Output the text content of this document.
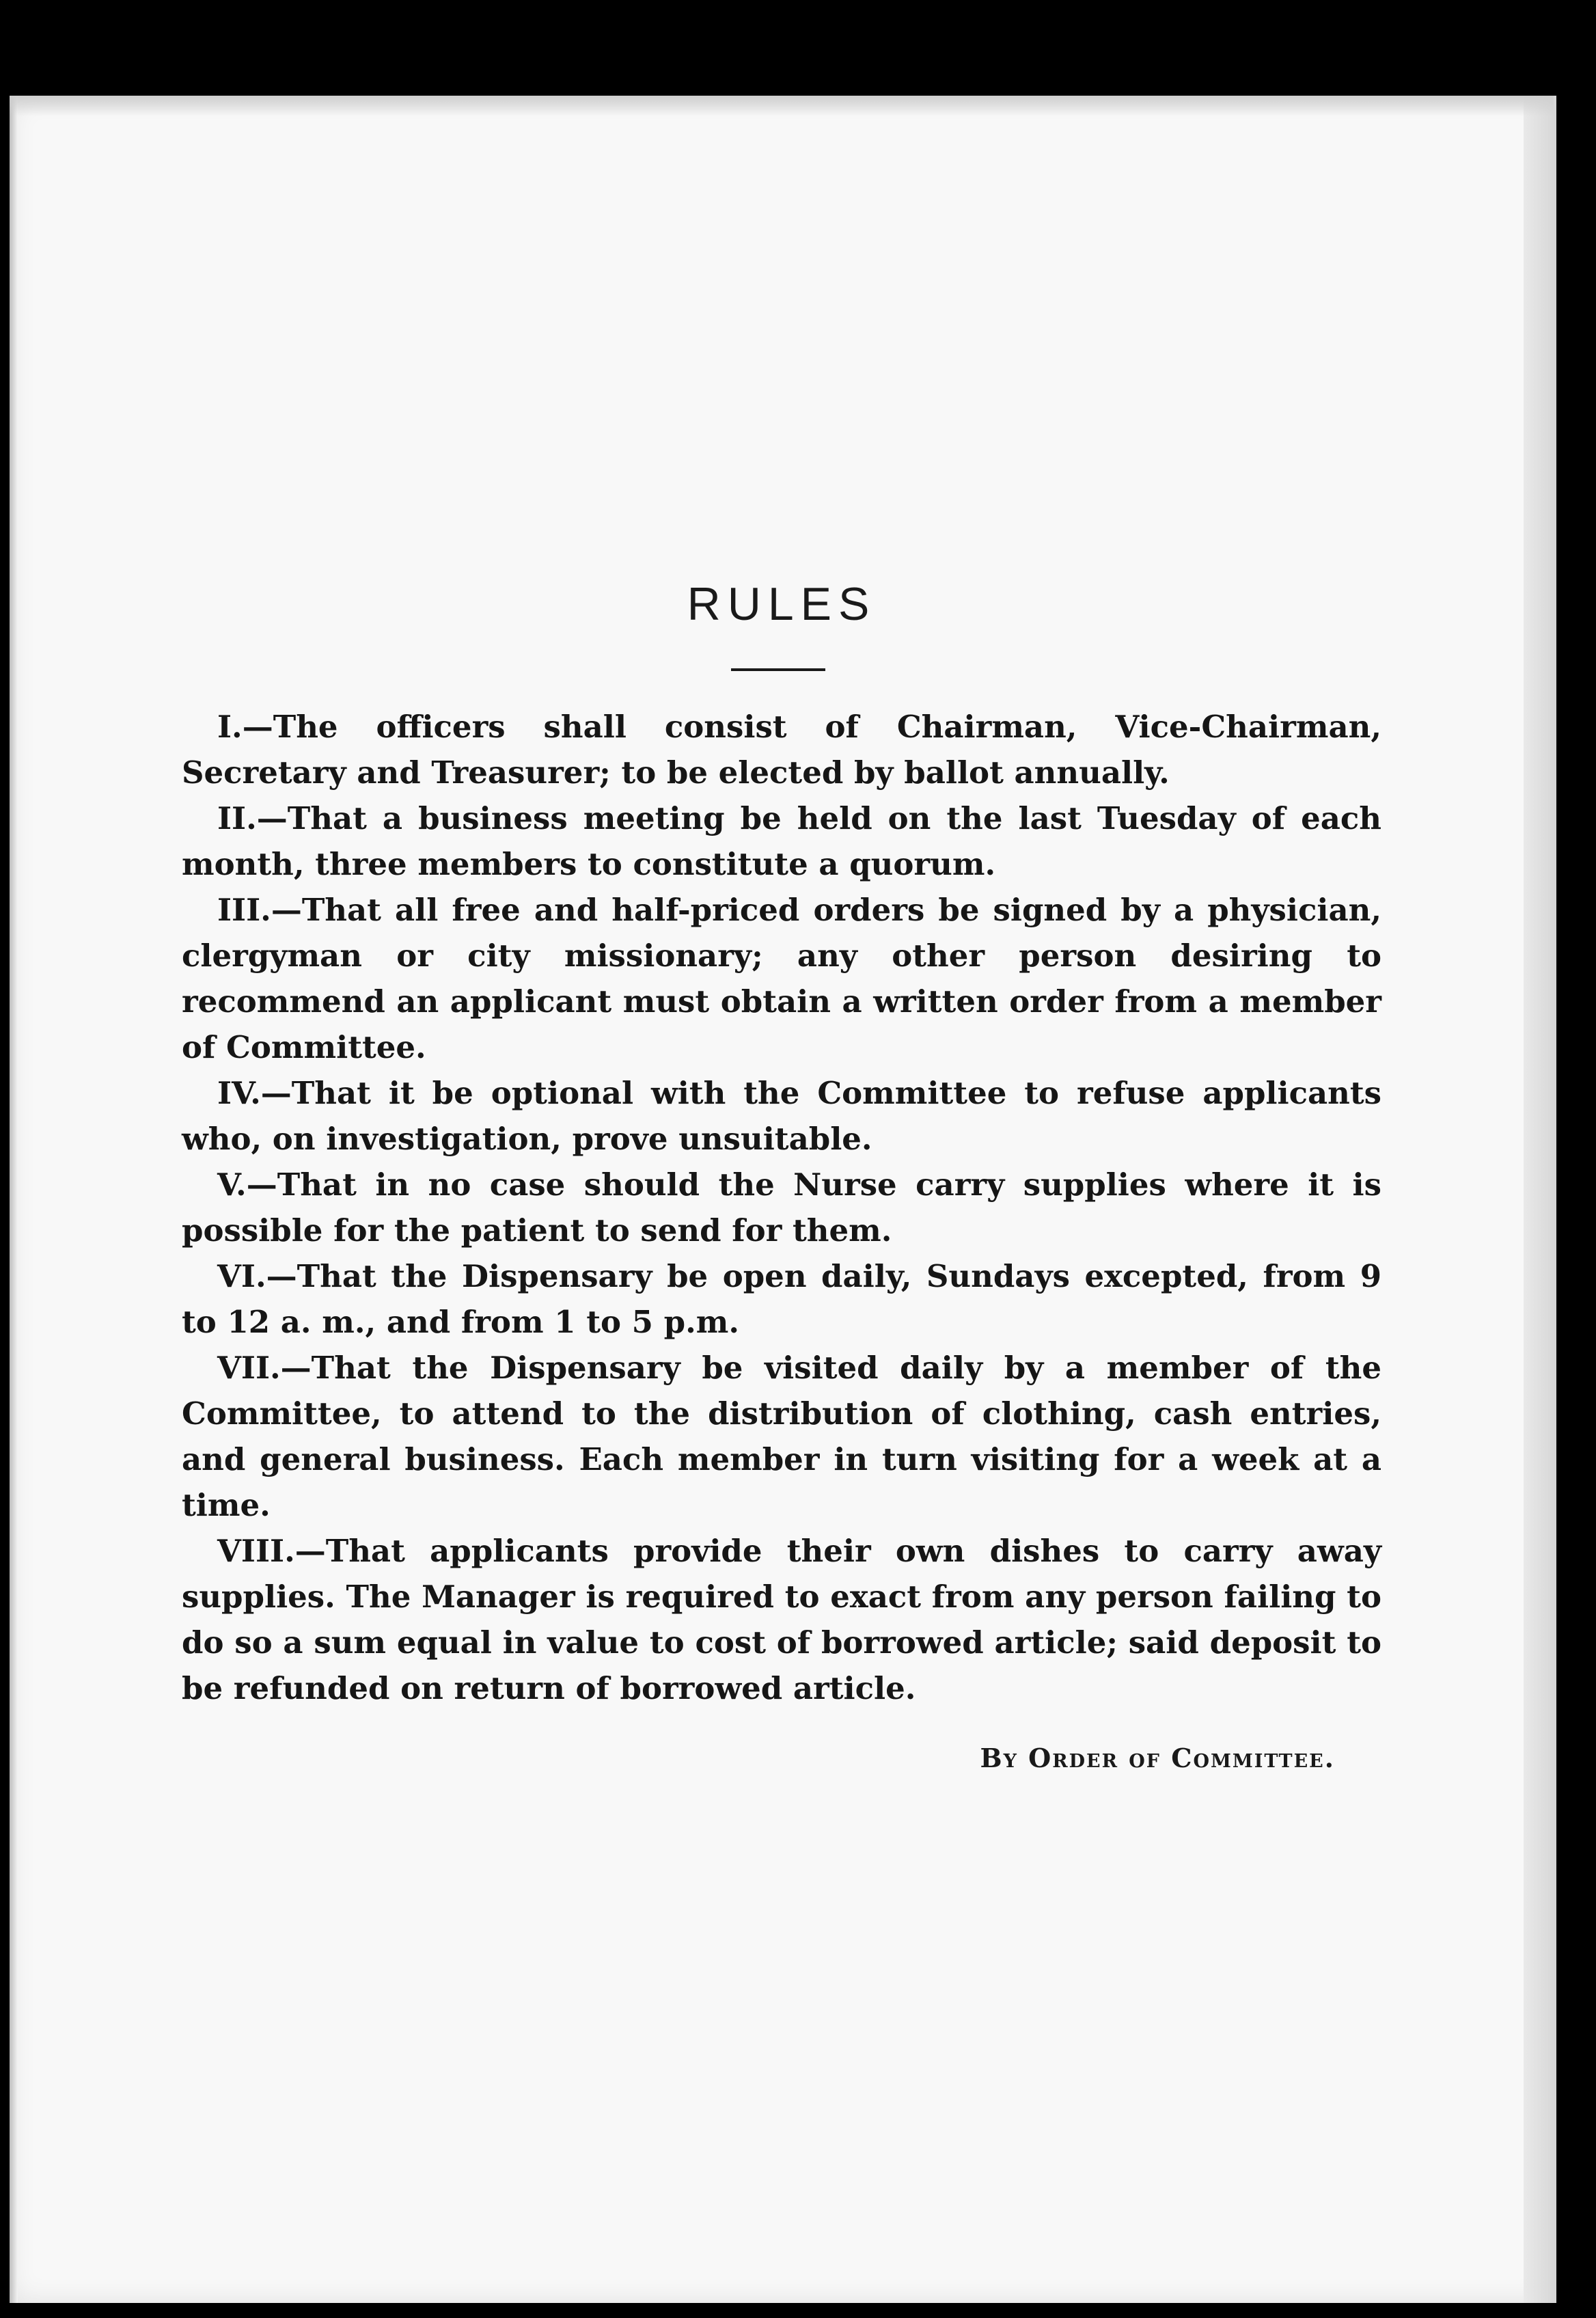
RULES

I.—The officers shall consist of Chairman, Vice-Chairman, Secretary and Treasurer; to be elected by ballot annually.

II.—That a business meeting be held on the last Tuesday of each month, three members to constitute a quorum.

III.—That all free and half-priced orders be signed by a physician, clergyman or city missionary; any other person desiring to recommend an applicant must obtain a written order from a member of Committee.

IV.—That it be optional with the Committee to refuse applicants who, on investigation, prove unsuitable.

V.—That in no case should the Nurse carry supplies where it is possible for the patient to send for them.

VI.—That the Dispensary be open daily, Sundays excepted, from 9 to 12 a. m., and from 1 to 5 p.m.

VII.—That the Dispensary be visited daily by a member of the Committee, to attend to the distribution of clothing, cash entries, and general business. Each member in turn visiting for a week at a time.

VIII.—That applicants provide their own dishes to carry away supplies. The Manager is required to exact from any person failing to do so a sum equal in value to cost of borrowed article; said deposit to be refunded on return of borrowed article.

By Order of Committee.
